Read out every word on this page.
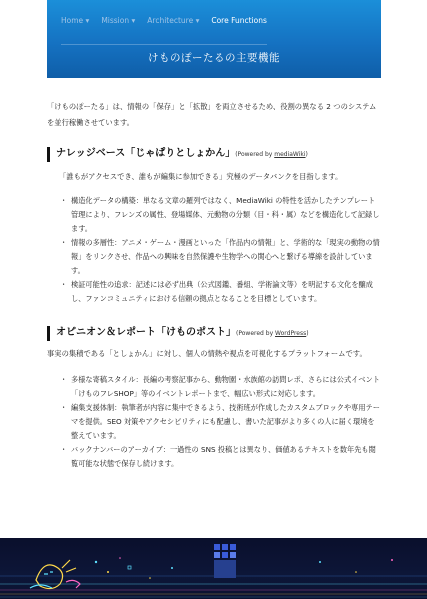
Home ▾ Mission ▾ Architecture ▾ Core Functions
けものぽーたるの主要機能

「けものぽーたる」は、情報の「保存」と「拡散」を両立させるため、役割の異なる 2 つのシステムを並行稼働させています。

ナレッジベース「じゃぱりとしょかん」(Powered by mediaWiki)

「誰もがアクセスでき、誰もが編集に参加できる」究極のデータバンクを目指します。

・ 構造化データの構築：単なる文章の羅列ではなく、MediaWiki の特性を活かしたテンプレート管理により、フレンズの属性、登場媒体、元動物の分類（目・科・属）などを構造化して記録します。
・ 情報の多層性：アニメ・ゲーム・漫画といった「作品内の情報」と、学術的な「現実の動物の情報」をリンクさせ、作品への興味を自然保護や生物学への関心へと繋げる導線を設計しています。
・ 検証可能性の追求：記述には必ず出典（公式図鑑、番組、学術論文等）を明記する文化を醸成し、ファンコミュニティにおける信頼の拠点となることを目標としています。
オピニオン＆レポート「けものポスト」(Powered by WordPress)

事実の集積である「としょかん」に対し、個人の情熱や視点を可視化するプラットフォームです。

・ 多様な寄稿スタイル：長編の考察記事から、動物園・水族館の訪問レポ、さらには公式イベント「けものフレSHOP」等のイベントレポートまで、幅広い形式に対応します。
・ 編集支援体制：執筆者が内容に集中できるよう、技術班が作成したカスタムブロックや専用テーマを提供。SEO 対策やアクセシビリティにも配慮し、書いた記事がより多くの人に届く環境を整えています。
・ バックナンバーのアーカイブ：一過性の SNS 投稿とは異なり、価値あるテキストを数年先も閲覧可能な状態で保存し続けます。
